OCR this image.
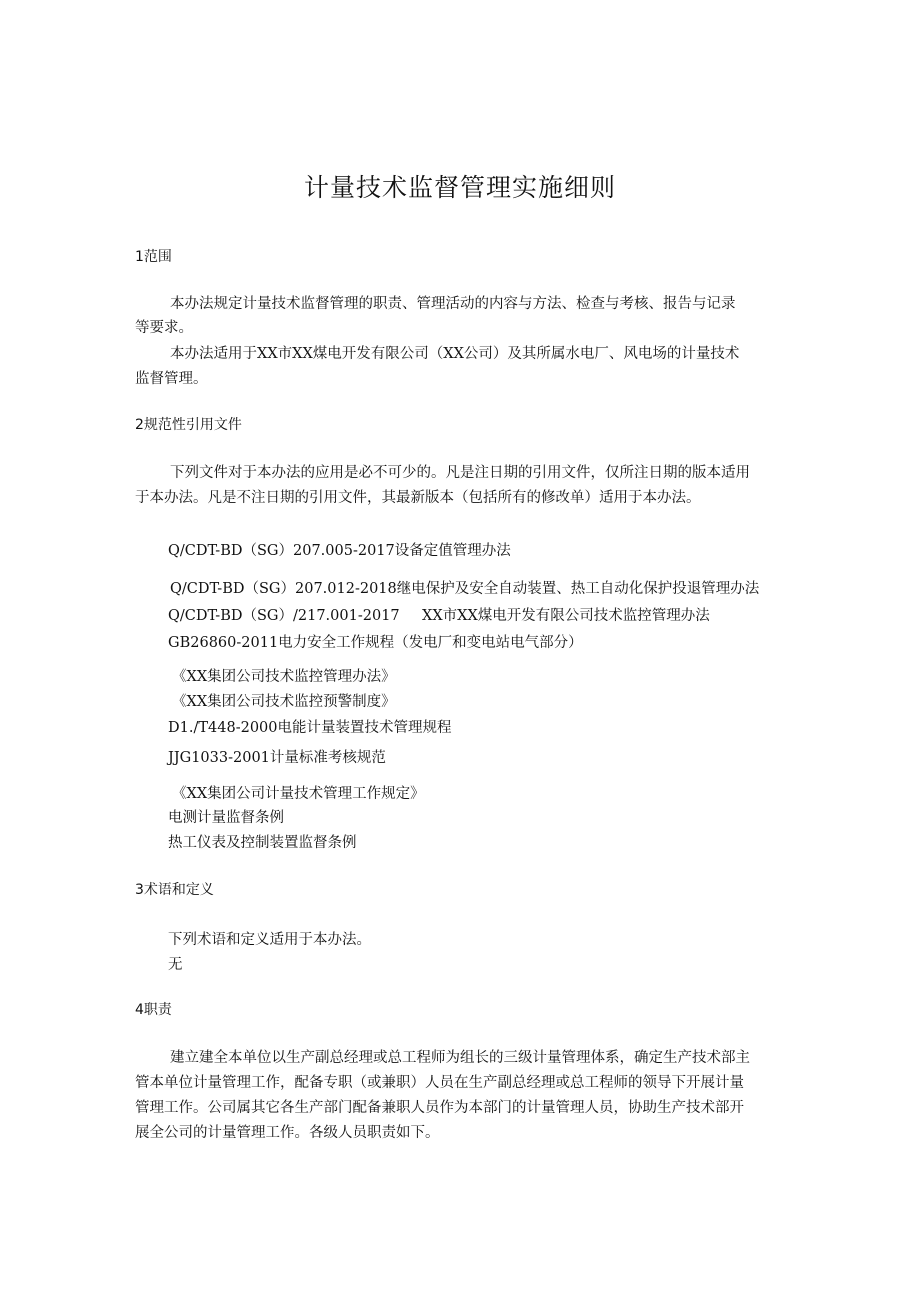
计量技术监督管理实施细则
1范围
本办法规定计量技术监督管理的职责、管理活动的内容与方法、检查与考核、报告与记录
等要求。
本办法适用于XX市XX煤电开发有限公司（XX公司）及其所属水电厂、风电场的计量技术
监督管理。
2规范性引用文件
下列文件对于本办法的应用是必不可少的。凡是注日期的引用文件，仅所注日期的版本适用
于本办法。凡是不注日期的引用文件，其最新版本（包括所有的修改单）适用于本办法。
Q/CDT-BD（SG）207.005-2017设备定值管理办法
Q/CDT-BD（SG）207.012-2018继电保护及安全自动装置、热工自动化保护投退管理办法
Q/CDT-BD（SG）/217.001-2017 XX市XX煤电开发有限公司技术监控管理办法
GB26860-2011电力安全工作规程（发电厂和变电站电气部分）
《XX集团公司技术监控管理办法》
《XX集团公司技术监控预警制度》
D1./T448-2000电能计量装置技术管理规程
JJG1033-2001计量标准考核规范
《XX集团公司计量技术管理工作规定》
电测计量监督条例
热工仪表及控制装置监督条例
3术语和定义
下列术语和定义适用于本办法。
无
4职责
建立建全本单位以生产副总经理或总工程师为组长的三级计量管理体系，确定生产技术部主
管本单位计量管理工作，配备专职（或兼职）人员在生产副总经理或总工程师的领导下开展计量
管理工作。公司属其它各生产部门配备兼职人员作为本部门的计量管理人员，协助生产技术部开
展全公司的计量管理工作。各级人员职责如下。
